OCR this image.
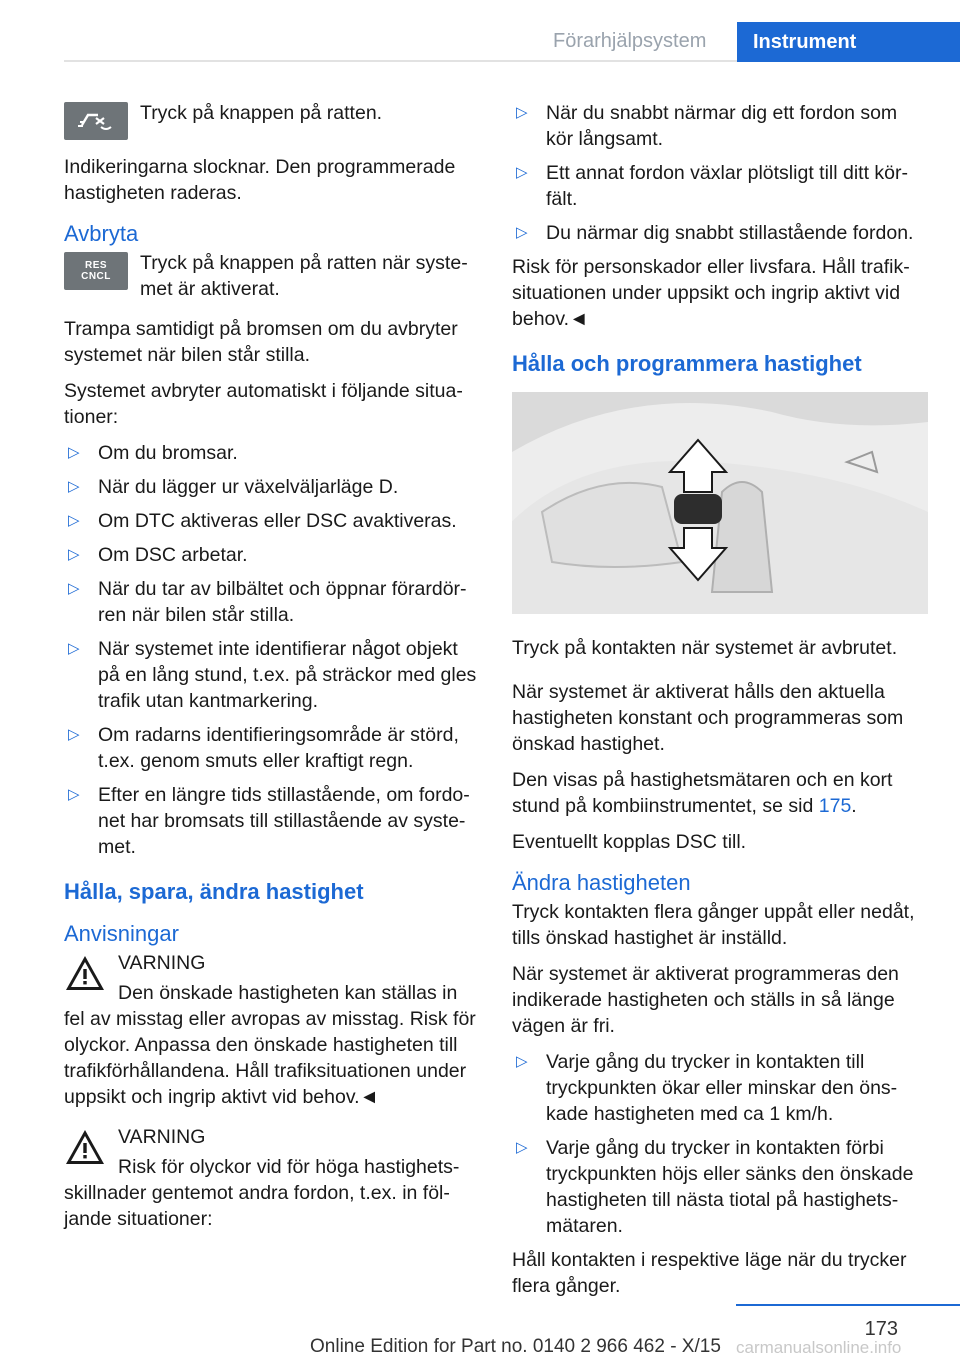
Förarhjälpsystem	Instrument
Tryck på knappen på ratten.

Indikeringarna slocknar. Den programmerade hastigheten raderas.

Avbryta
RES
CNCL
Tryck på knappen på ratten när syste-met är aktiverat.

Trampa samtidigt på bromsen om du avbryter systemet när bilen står stilla.

Systemet avbryter automatiskt i följande situa-tioner:

▷ Om du bromsar.
▷ När du lägger ur växelväljarläge D.
▷ Om DTC aktiveras eller DSC avaktiveras.
▷ Om DSC arbetar.
▷ När du tar av bilbältet och öppnar förardör-ren när bilen står stilla.
▷ När systemet inte identifierar något objekt på en lång stund, t.ex. på sträckor med gles trafik utan kantmarkering.
▷ Om radarns identifieringsområde är störd, t.ex. genom smuts eller kraftigt regn.
▷ Efter en längre tids stillastående, om fordo-net har bromsats till stillastående av syste-met.
Hålla, spara, ändra hastighet
Anvisningar
VARNING
Den önskade hastigheten kan ställas in fel av misstag eller avropas av misstag. Risk för olyckor. Anpassa den önskade hastigheten till trafikförhållandena. Håll trafiksituationen under uppsikt och ingrip aktivt vid behov.◄
VARNING
Risk för olyckor vid för höga hastighets-skillnader gentemot andra fordon, t.ex. in föl-jande situationer:
▷ När du snabbt närmar dig ett fordon som kör långsamt.
▷ Ett annat fordon växlar plötsligt till ditt kör-fält.
▷ Du närmar dig snabbt stillastående fordon.

Risk för personskador eller livsfara. Håll trafik-situationen under uppsikt och ingrip aktivt vid behov.◄

Hålla och programmera hastighet

Tryck på kontakten när systemet är avbrutet.

När systemet är aktiverat hålls den aktuella hastigheten konstant och programmeras som önskad hastighet.

Den visas på hastighetsmätaren och en kort stund på kombiinstrumentet, se sid 175.

Eventuellt kopplas DSC till.

Ändra hastigheten

Tryck kontakten flera gånger uppåt eller nedåt, tills önskad hastighet är inställd.

När systemet är aktiverat programmeras den indikerade hastigheten och ställs in så länge vägen är fri.

▷ Varje gång du trycker in kontakten till tryckpunkten ökar eller minskar den öns-kade hastigheten med ca 1 km/h.
▷ Varje gång du trycker in kontakten förbi tryckpunkten höjs eller sänks den önskade hastigheten till nästa tiotal på hastighets-mätaren.

Håll kontakten i respektive läge när du trycker flera gånger.

173
Online Edition for Part no. 0140 2 966 462 - X/15 carmanualsonline.info
